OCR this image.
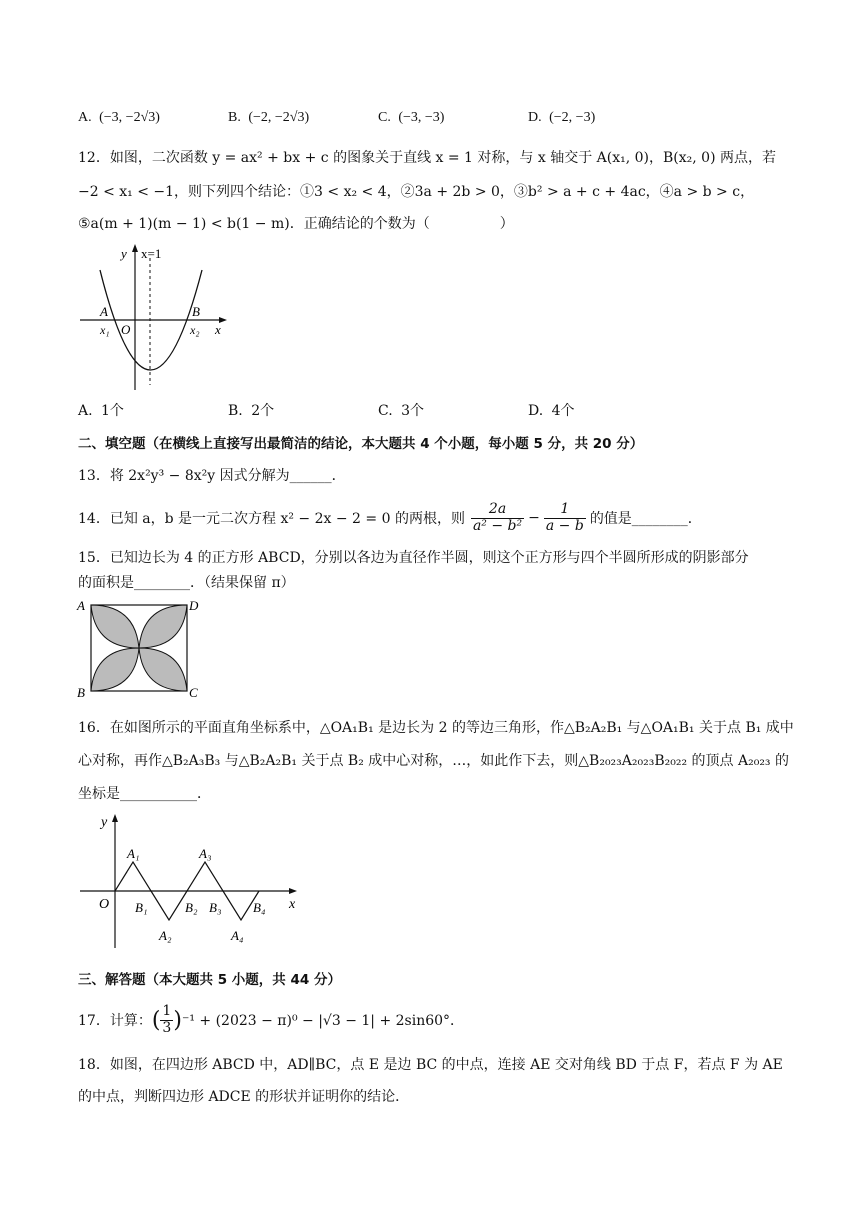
A. (−3, −2√3)	B. (−2, −2√3)	C. (−3, −3)	D. (−2, −3)
12．如图，二次函数 y = ax² + bx + c 的图象关于直线 x = 1 对称，与 x 轴交于 A(x₁, 0)，B(x₂, 0) 两点，若
−2 < x₁ < −1，则下列四个结论：①3 < x₂ < 4，②3a + 2b > 0，③b² > a + c + 4ac，④a > b > c，
⑤a(m + 1)(m − 1) < b(1 − m)．正确结论的个数为（　　　　　）
y x=1
A	B
O
x₁	x₂ x
A. 1个	B. 2个	C. 3个	D. 4个
二、填空题（在横线上直接写出最简洁的结论，本大题共 4 个小题，每小题 5 分，共 20 分）
13．将 2x²y³ − 8x²y 因式分解为______．
14．已知 a，b 是一元二次方程 x² − 2x − 2 = 0 的两根，则 $\frac{2a}{\text{a² − b²}} - \frac{1}{a - b}$ 的值是________．
15．已知边长为 4 的正方形 ABCD，分别以各边为直径作半圆，则这个正方形与四个半圆所形成的阴影部分
的面积是________．（结果保留 π）
A	D
B	C
16．在如图所示的平面直角坐标系中，△OA₁B₁ 是边长为 2 的等边三角形，作△B₂A₂B₁ 与△OA₁B₁ 关于点 B₁ 成中
心对称，再作△B₂A₃B₃ 与△B₂A₂B₁ 关于点 B₂ 成中心对称，…，如此作下去，则△B₂₀₂₃A₂₀₂₃B₂₀₂₂ 的顶点 A₂₀₂₃ 的
坐标是___________．
y
x
O
A₁	A₃
B₁	B₂ B₃ B₄
A₂	A₄
三、解答题（本大题共 5 小题，共 44 分）
17．计算： ( $\frac{1}{3}$ ) ⁻¹ + (2023 − π)⁰ − |√3 − 1| + 2sin60°．
18．如图，在四边形 ABCD 中，AD∥BC，点 E 是边 BC 的中点，连接 AE 交对角线 BD 于点 F，若点 F 为 AE
的中点，判断四边形 ADCE 的形状并证明你的结论．
